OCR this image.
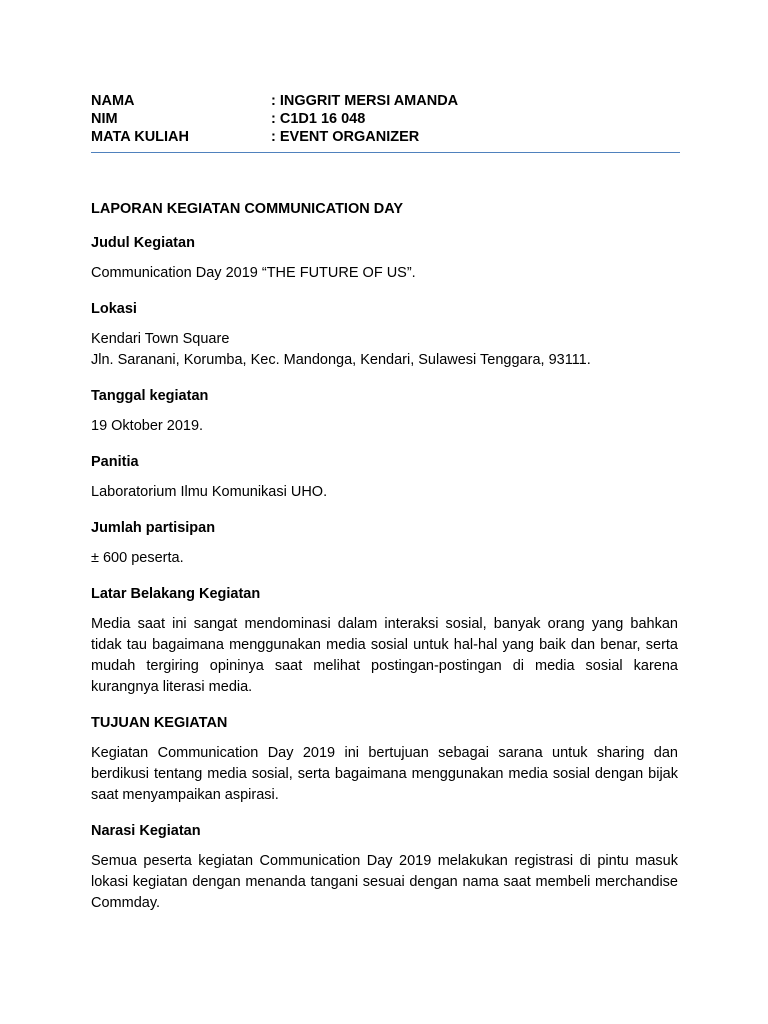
NAMA	: INGGRIT MERSI AMANDA
NIM	: C1D1 16 048
MATA KULIAH	: EVENT ORGANIZER
LAPORAN KEGIATAN COMMUNICATION DAY
Judul Kegiatan
Communication Day 2019 “THE FUTURE OF US”.
Lokasi
Kendari Town Square
Jln. Saranani, Korumba, Kec. Mandonga, Kendari, Sulawesi Tenggara, 93111.
Tanggal kegiatan
19 Oktober 2019.
Panitia
Laboratorium Ilmu Komunikasi UHO.
Jumlah partisipan
± 600 peserta.
Latar Belakang Kegiatan
Media saat ini sangat mendominasi dalam interaksi sosial, banyak orang yang bahkan tidak tau bagaimana menggunakan media sosial untuk hal-hal yang baik dan benar, serta mudah tergiring opininya saat melihat postingan-postingan di media sosial karena kurangnya literasi media.
TUJUAN KEGIATAN
Kegiatan Communication Day 2019 ini bertujuan sebagai sarana untuk sharing dan berdikusi tentang media sosial, serta bagaimana menggunakan media sosial dengan bijak saat menyampaikan aspirasi.
Narasi Kegiatan
Semua peserta kegiatan Communication Day 2019 melakukan registrasi di pintu masuk lokasi kegiatan dengan menanda tangani sesuai dengan nama saat membeli merchandise Commday.
